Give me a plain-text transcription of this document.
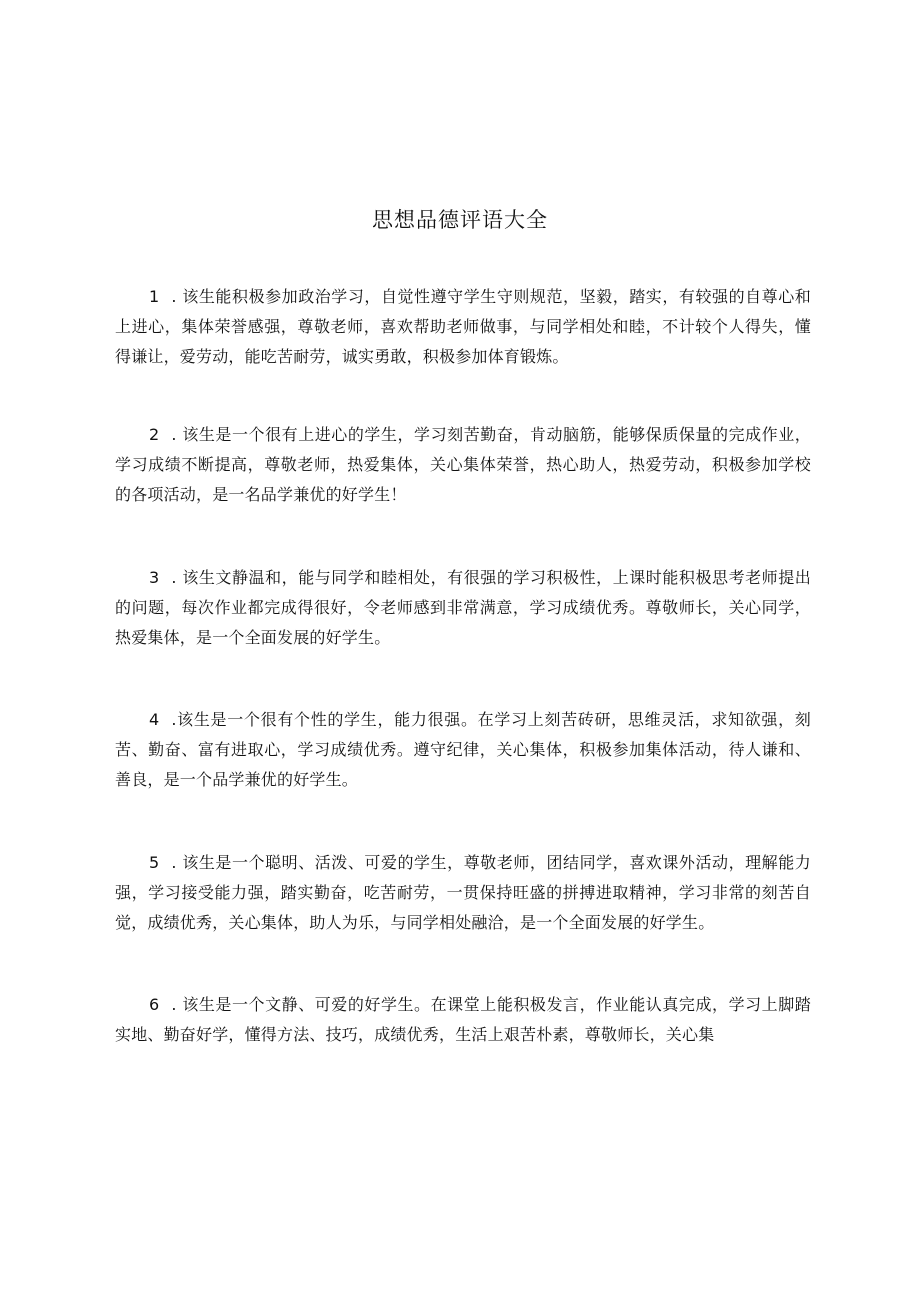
思想品德评语大全

1 . 该生能积极参加政治学习，自觉性遵守学生守则规范，坚毅，踏实，有较强的自尊心和上进心，集体荣誉感强，尊敬老师，喜欢帮助老师做事，与同学相处和睦，不计较个人得失，懂得谦让，爱劳动，能吃苦耐劳，诚实勇敢，积极参加体育锻炼。

2 . 该生是一个很有上进心的学生，学习刻苦勤奋，肯动脑筋，能够保质保量的完成作业，学习成绩不断提高，尊敬老师，热爱集体，关心集体荣誉，热心助人，热爱劳动，积极参加学校的各项活动，是一名品学兼优的好学生！

3 . 该生文静温和，能与同学和睦相处，有很强的学习积极性，上课时能积极思考老师提出的问题，每次作业都完成得很好，令老师感到非常满意，学习成绩优秀。尊敬师长，关心同学，热爱集体，是一个全面发展的好学生。

4 .该生是一个很有个性的学生，能力很强。在学习上刻苦砖研，思维灵活，求知欲强，刻苦、勤奋、富有进取心，学习成绩优秀。遵守纪律，关心集体，积极参加集体活动，待人谦和、善良，是一个品学兼优的好学生。

5 . 该生是一个聪明、活泼、可爱的学生，尊敬老师，团结同学，喜欢课外活动，理解能力强，学习接受能力强，踏实勤奋，吃苦耐劳，一贯保持旺盛的拼搏进取精神，学习非常的刻苦自觉，成绩优秀，关心集体，助人为乐，与同学相处融洽，是一个全面发展的好学生。

6 . 该生是一个文静、可爱的好学生。在课堂上能积极发言，作业能认真完成，学习上脚踏实地、勤奋好学，懂得方法、技巧，成绩优秀，生活上艰苦朴素，尊敬师长，关心集
